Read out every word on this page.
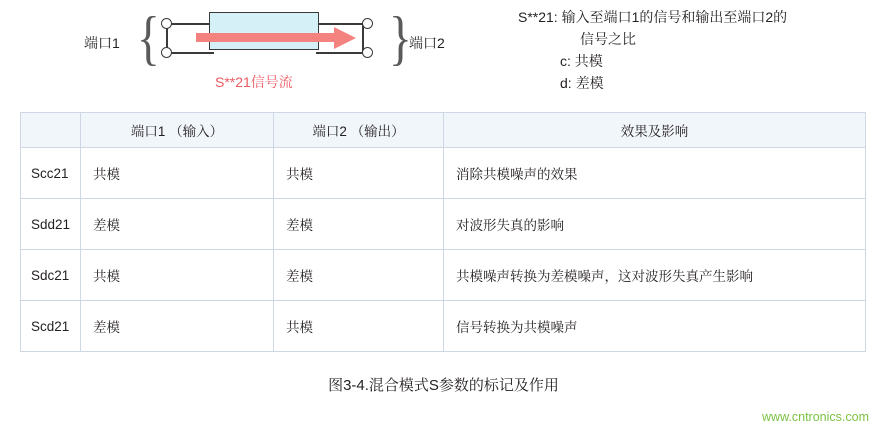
端口1	端口2
{	{
S**21信号流
S**21: 输入至端口1的信号和输出至端口2的
信号之比
c: 共模
d: 差模
	端口1 （输入）	端口2 （输出）	效果及影响
Scc21	共模	共模	消除共模噪声的效果
Sdd21	差模	差模	对波形失真的影响
Sdc21	共模	差模	共模噪声转换为差模噪声，这对波形失真产生影响
Scd21	差模	共模	信号转换为共模噪声
图3-4.混合模式S参数的标记及作用
www.cntronics.com
